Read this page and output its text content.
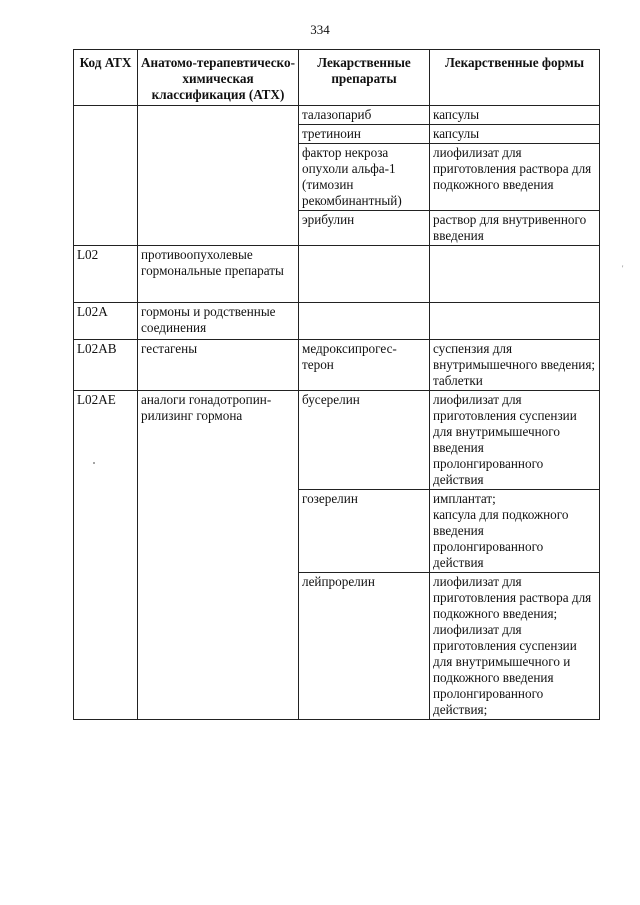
334
Код АТХ	Анатомо-терапевтическо-химическая классификация (АТХ)	Лекарственные препараты	Лекарственные формы
		талазопариб	капсулы
		третиноин	капсулы
		фактор некроза опухоли альфа-1 (тимозин рекомбинантный)	лиофилизат для приготовления раствора для подкожного введения
		эрибулин	раствор для внутривенного введения
L02	противоопухолевые гормональные препараты		
L02A	гормоны и родственные соединения		
L02AB	гестагены	медроксипрогес-терон	суспензия для внутримышечного введения;
таблетки
L02AE	аналоги гонадотропин-рилизинг гормона	бусерелин	лиофилизат для приготовления суспензии для внутримышечного введения пролонгированного действия
		гозерелин	имплантат;
капсула для подкожного введения пролонгированного действия
		лейпрорелин	лиофилизат для приготовления раствора для подкожного введения;
лиофилизат для приготовления суспензии для внутримышечного и подкожного введения пролонгированного действия;
'
